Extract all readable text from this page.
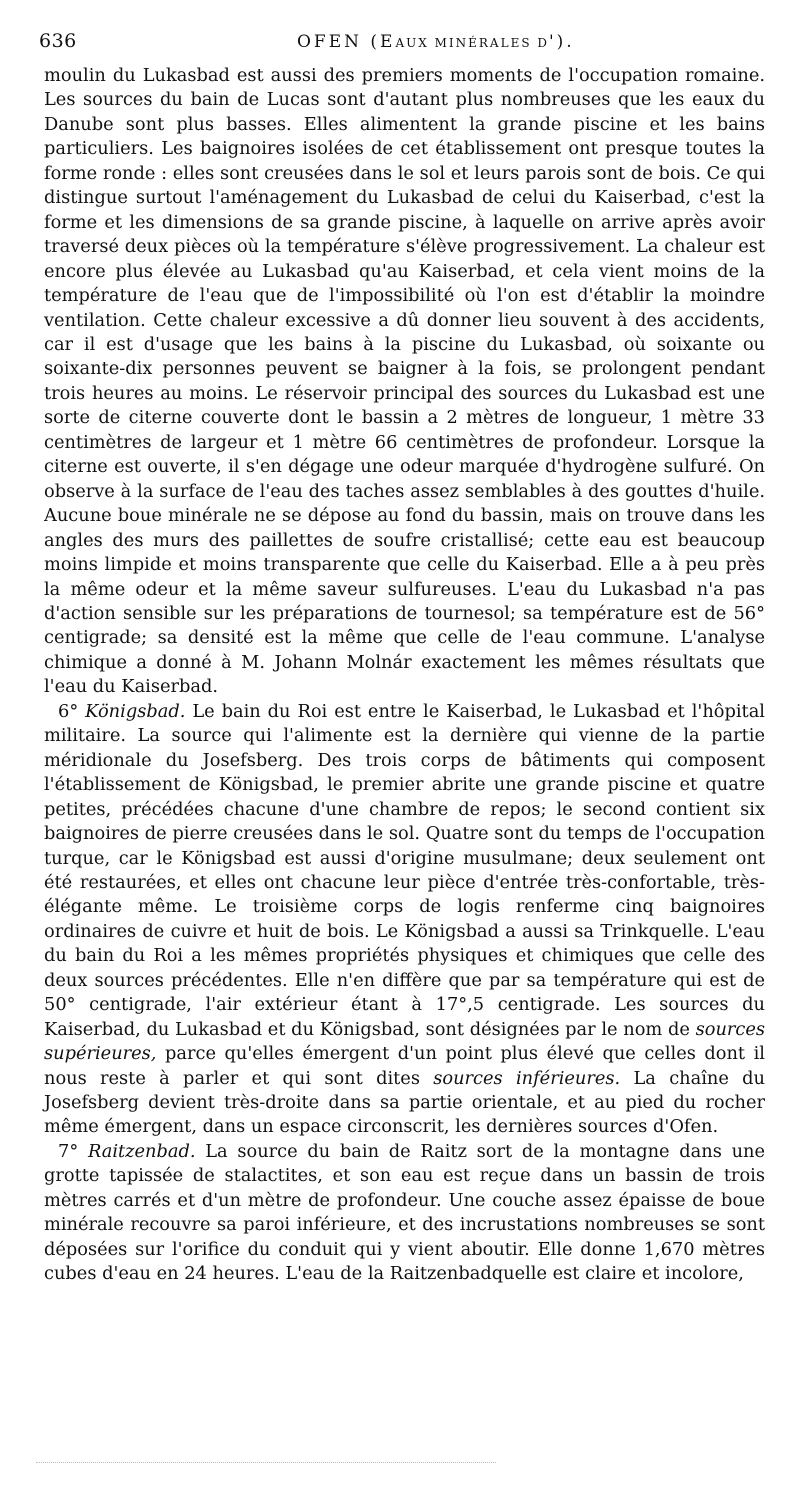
636	OFEN (EAUX MINÉRALES D').

moulin du Lukasbad est aussi des premiers moments de l'occupation romaine. Les sources du bain de Lucas sont d'autant plus nombreuses que les eaux du Danube sont plus basses. Elles alimentent la grande piscine et les bains particuliers. Les baignoires isolées de cet établissement ont presque toutes la forme ronde : elles sont creusées dans le sol et leurs parois sont de bois. Ce qui distingue surtout l'aménagement du Lukasbad de celui du Kaiserbad, c'est la forme et les dimensions de sa grande piscine, à laquelle on arrive après avoir traversé deux pièces où la température s'élève progressivement. La chaleur est encore plus élevée au Lukasbad qu'au Kaiserbad, et cela vient moins de la température de l'eau que de l'impossibilité où l'on est d'établir la moindre ventilation. Cette chaleur excessive a dû donner lieu souvent à des accidents, car il est d'usage que les bains à la piscine du Lukasbad, où soixante ou soixante-dix personnes peuvent se baigner à la fois, se prolongent pendant trois heures au moins. Le réservoir principal des sources du Lukasbad est une sorte de citerne couverte dont le bassin a 2 mètres de longueur, 1 mètre 33 centimètres de largeur et 1 mètre 66 centimètres de profondeur. Lorsque la citerne est ouverte, il s'en dégage une odeur marquée d'hydrogène sulfuré. On observe à la surface de l'eau des taches assez semblables à des gouttes d'huile. Aucune boue minérale ne se dépose au fond du bassin, mais on trouve dans les angles des murs des paillettes de soufre cristallisé; cette eau est beaucoup moins limpide et moins transparente que celle du Kaiserbad. Elle a à peu près la même odeur et la même saveur sulfureuses. L'eau du Lukasbad n'a pas d'action sensible sur les préparations de tournesol; sa température est de 56° centigrade; sa densité est la même que celle de l'eau commune. L'analyse chimique a donné à M. Johann Molnár exactement les mêmes résultats que l'eau du Kaiserbad.

6° Königsbad. Le bain du Roi est entre le Kaiserbad, le Lukasbad et l'hôpital militaire. La source qui l'alimente est la dernière qui vienne de la partie méridionale du Josefsberg. Des trois corps de bâtiments qui composent l'établissement de Königsbad, le premier abrite une grande piscine et quatre petites, précédées chacune d'une chambre de repos; le second contient six baignoires de pierre creusées dans le sol. Quatre sont du temps de l'occupation turque, car le Königsbad est aussi d'origine musulmane; deux seulement ont été restaurées, et elles ont chacune leur pièce d'entrée très-confortable, très-élégante même. Le troisième corps de logis renferme cinq baignoires ordinaires de cuivre et huit de bois. Le Königsbad a aussi sa Trinkquelle. L'eau du bain du Roi a les mêmes propriétés physiques et chimiques que celle des deux sources précédentes. Elle n'en diffère que par sa température qui est de 50° centigrade, l'air extérieur étant à 17°,5 centigrade. Les sources du Kaiserbad, du Lukasbad et du Königsbad, sont désignées par le nom de sources supérieures, parce qu'elles émergent d'un point plus élevé que celles dont il nous reste à parler et qui sont dites sources inférieures. La chaîne du Josefsberg devient très-droite dans sa partie orientale, et au pied du rocher même émergent, dans un espace circonscrit, les dernières sources d'Ofen.

7° Raitzenbad. La source du bain de Raitz sort de la montagne dans une grotte tapissée de stalactites, et son eau est reçue dans un bassin de trois mètres carrés et d'un mètre de profondeur. Une couche assez épaisse de boue minérale recouvre sa paroi inférieure, et des incrustations nombreuses se sont déposées sur l'orifice du conduit qui y vient aboutir. Elle donne 1,670 mètres cubes d'eau en 24 heures. L'eau de la Raitzenbadquelle est claire et incolore,
